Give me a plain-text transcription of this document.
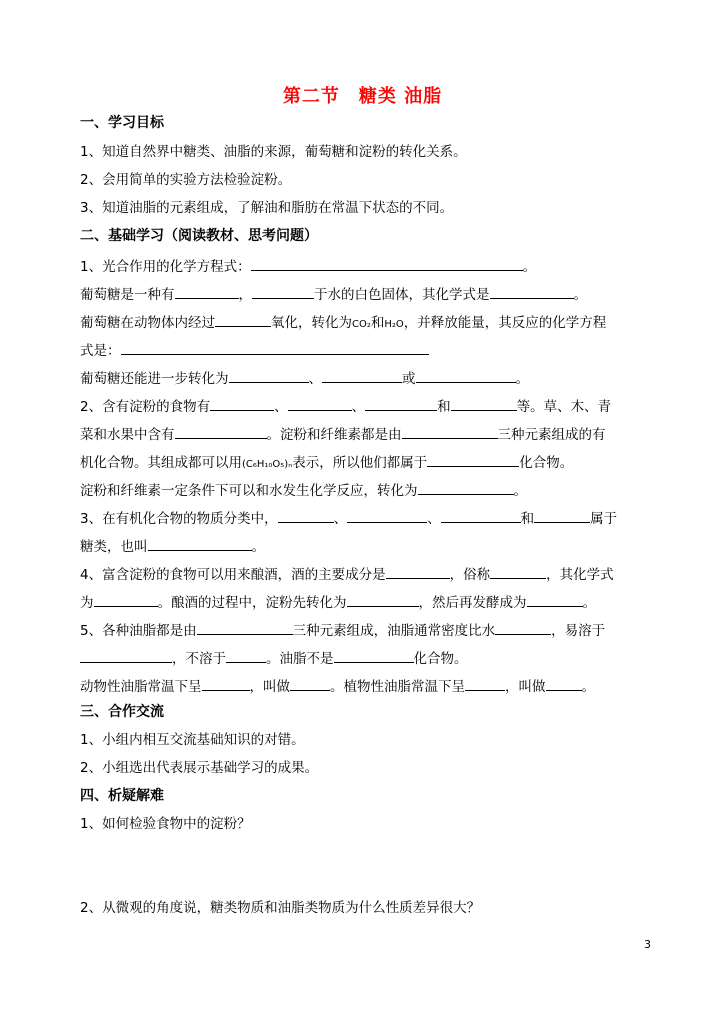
第二节　糖类 油脂
一、学习目标
1、知道自然界中糖类、油脂的来源，葡萄糖和淀粉的转化关系。
2、会用简单的实验方法检验淀粉。
3、知道油脂的元素组成，了解油和脂肪在常温下状态的不同。
二、基础学习（阅读教材、思考问题）
1、光合作用的化学方程式：	。
葡萄糖是一种有	，	于水的白色固体，其化学式是	。
葡萄糖在动物体内经过	氧化，转化为CO₂和H₂O，并释放能量，其反应的化学方程
式是：
葡萄糖还能进一步转化为	、	或	。
2、含有淀粉的食物有	、	、	和	等。草、木、青
菜和水果中含有	。淀粉和纤维素都是由	三种元素组成的有
机化合物。其组成都可以用(C₆H₁₀O₅)ₙ表示，所以他们都属于	化合物。
淀粉和纤维素一定条件下可以和水发生化学反应，转化为	。
3、在有机化合物的物质分类中，	、	、	和	属于
糖类，也叫	。
4、富含淀粉的食物可以用来酿酒，酒的主要成分是	，俗称	，其化学式
为	。酿酒的过程中，淀粉先转化为	，然后再发酵成为	。
5、各种油脂都是由	三种元素组成，油脂通常密度比水	，易溶于
，不溶于	。油脂不是	化合物。
动物性油脂常温下呈	，叫做	。植物性油脂常温下呈	，叫做	。
三、合作交流
1、小组内相互交流基础知识的对错。
2、小组选出代表展示基础学习的成果。
四、析疑解难
1、如何检验食物中的淀粉？
2、从微观的角度说，糖类物质和油脂类物质为什么性质差异很大？
3
